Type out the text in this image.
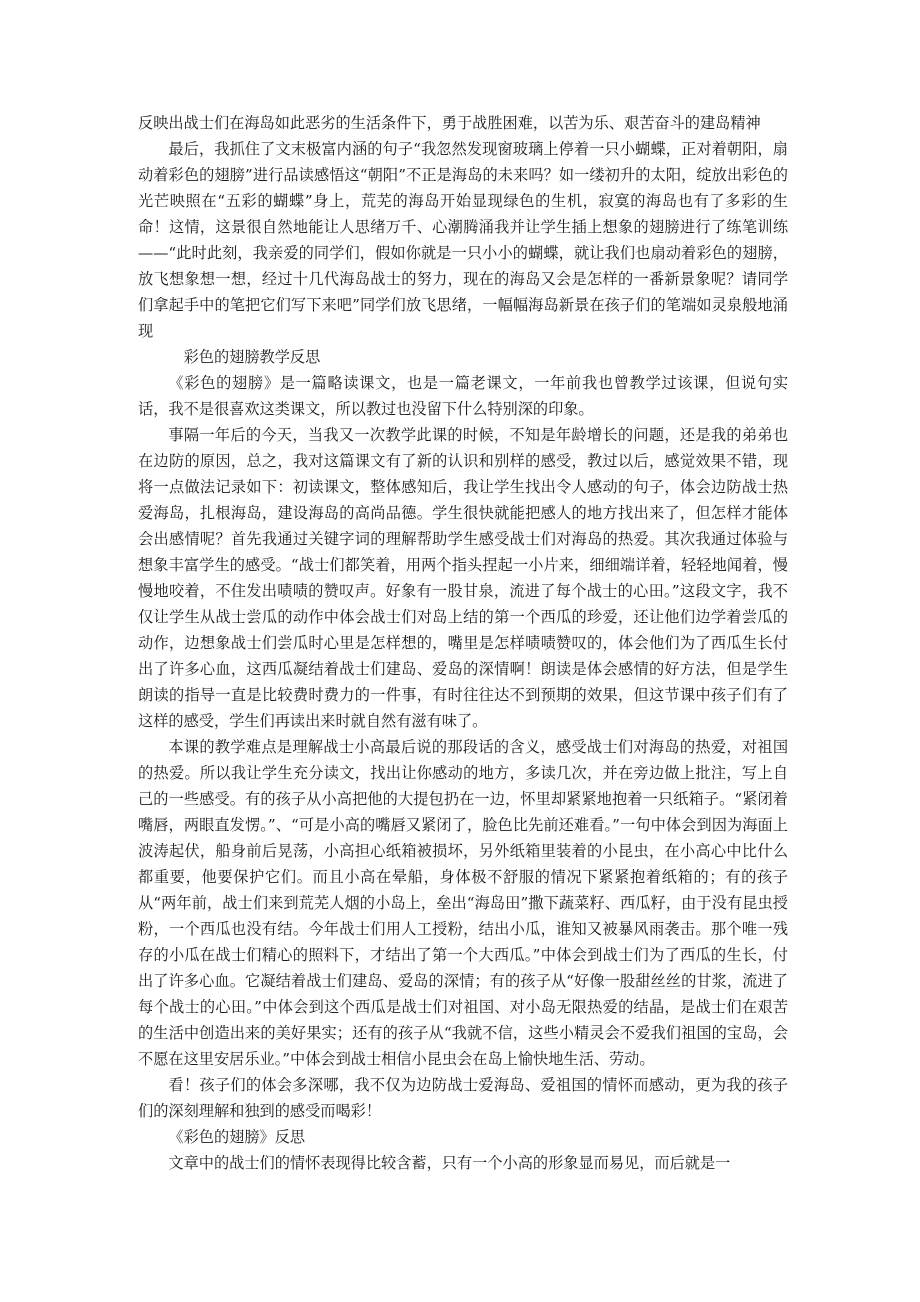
反映出战士们在海岛如此恶劣的生活条件下，勇于战胜困难，以苦为乐、艰苦奋斗的建岛精神

最后，我抓住了文末极富内涵的句子“我忽然发现窗玻璃上停着一只小蝴蝶，正对着朝阳，扇动着彩色的翅膀”进行品读感悟这“朝阳”不正是海岛的未来吗？如一缕初升的太阳，绽放出彩色的光芒映照在“五彩的蝴蝶”身上，荒芜的海岛开始显现绿色的生机，寂寞的海岛也有了多彩的生命！这情，这景很自然地能让人思绪万千、心潮腾涌我并让学生插上想象的翅膀进行了练笔训练——“此时此刻，我亲爱的同学们，假如你就是一只小小的蝴蝶，就让我们也扇动着彩色的翅膀，放飞想象想一想，经过十几代海岛战士的努力，现在的海岛又会是怎样的一番新景象呢？请同学们拿起手中的笔把它们写下来吧”同学们放飞思绪，一幅幅海岛新景在孩子们的笔端如灵泉般地涌现

彩色的翅膀教学反思

《彩色的翅膀》是一篇略读课文，也是一篇老课文，一年前我也曾教学过该课，但说句实话，我不是很喜欢这类课文，所以教过也没留下什么特别深的印象。

事隔一年后的今天，当我又一次教学此课的时候，不知是年龄增长的问题，还是我的弟弟也在边防的原因，总之，我对这篇课文有了新的认识和别样的感受，教过以后，感觉效果不错，现将一点做法记录如下：初读课文，整体感知后，我让学生找出令人感动的句子，体会边防战士热爱海岛，扎根海岛，建设海岛的高尚品德。学生很快就能把感人的地方找出来了，但怎样才能体会出感情呢？首先我通过关键字词的理解帮助学生感受战士们对海岛的热爱。其次我通过体验与想象丰富学生的感受。“战士们都笑着，用两个指头捏起一小片来，细细端详着，轻轻地闻着，慢慢地咬着，不住发出啧啧的赞叹声。好象有一股甘泉，流进了每个战士的心田。”这段文字，我不仅让学生从战士尝瓜的动作中体会战士们对岛上结的第一个西瓜的珍爱，还让他们边学着尝瓜的动作，边想象战士们尝瓜时心里是怎样想的，嘴里是怎样啧啧赞叹的，体会他们为了西瓜生长付出了许多心血，这西瓜凝结着战士们建岛、爱岛的深情啊！朗读是体会感情的好方法，但是学生朗读的指导一直是比较费时费力的一件事，有时往往达不到预期的效果，但这节课中孩子们有了这样的感受，学生们再读出来时就自然有滋有味了。

本课的教学难点是理解战士小高最后说的那段话的含义，感受战士们对海岛的热爱，对祖国的热爱。所以我让学生充分读文，找出让你感动的地方，多读几次，并在旁边做上批注，写上自己的一些感受。有的孩子从小高把他的大提包扔在一边，怀里却紧紧地抱着一只纸箱子。“紧闭着嘴唇，两眼直发愣。”、“可是小高的嘴唇又紧闭了，脸色比先前还难看。”一句中体会到因为海面上波涛起伏，船身前后晃荡，小高担心纸箱被损坏，另外纸箱里装着的小昆虫，在小高心中比什么都重要，他要保护它们。而且小高在晕船，身体极不舒服的情况下紧紧抱着纸箱的；有的孩子从“两年前，战士们来到荒芜人烟的小岛上，垒出“海岛田”撒下蔬菜籽、西瓜籽，由于没有昆虫授粉，一个西瓜也没有结。今年战士们用人工授粉，结出小瓜，谁知又被暴风雨袭击。那个唯一残存的小瓜在战士们精心的照料下，才结出了第一个大西瓜。”中体会到战士们为了西瓜的生长，付出了许多心血。它凝结着战士们建岛、爱岛的深情；有的孩子从“好像一股甜丝丝的甘浆，流进了每个战士的心田。”中体会到这个西瓜是战士们对祖国、对小岛无限热爱的结晶，是战士们在艰苦的生活中创造出来的美好果实；还有的孩子从“我就不信，这些小精灵会不爱我们祖国的宝岛，会不愿在这里安居乐业。”中体会到战士相信小昆虫会在岛上愉快地生活、劳动。

看！孩子们的体会多深哪，我不仅为边防战士爱海岛、爱祖国的情怀而感动，更为我的孩子们的深刻理解和独到的感受而喝彩！

《彩色的翅膀》反思

文章中的战士们的情怀表现得比较含蓄，只有一个小高的形象显而易见，而后就是一
